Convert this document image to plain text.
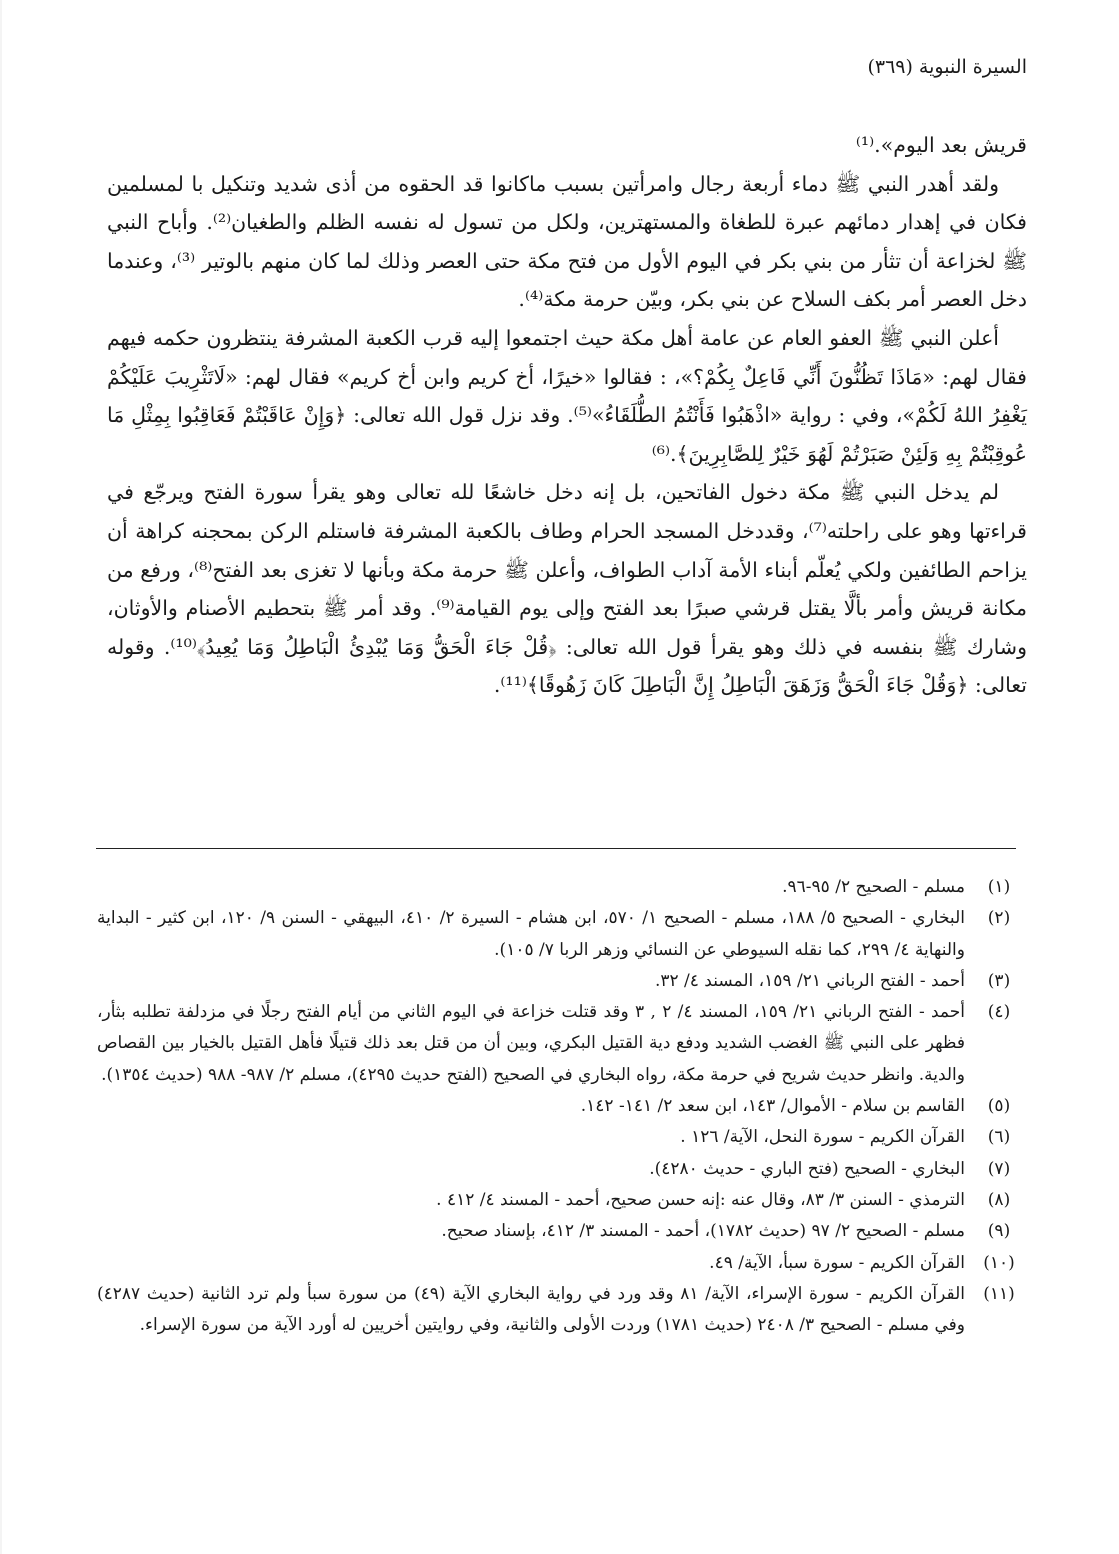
السيرة النبوية (٣٦٩)

قريش بعد اليوم».⁽¹⁾

ولقد أهدر النبي ﷺ دماء أربعة رجال وامرأتين بسبب ماكانوا قد الحقوه من أذى شديد وتنكيل با لمسلمين فكان في إهدار دمائهم عبرة للطغاة والمستهترين، ولكل من تسول له نفسه الظلم والطغيان⁽²⁾. وأباح النبي ﷺ لخزاعة أن تثأر من بني بكر في اليوم الأول من فتح مكة حتى العصر وذلك لما كان منهم بالوتير ⁽³⁾، وعندما دخل العصر أمر بكف السلاح عن بني بكر، وبيّن حرمة مكة⁽⁴⁾.

أعلن النبي ﷺ العفو العام عن عامة أهل مكة حيث اجتمعوا إليه قرب الكعبة المشرفة ينتظرون حكمه فيهم فقال لهم: «مَاذَا تَظُنُّونَ أَنِّي فَاعِلٌ بِكُمْ؟»، : فقالوا «خيرًا، أخ كريم وابن أخ كريم» فقال لهم: «لَاتَثْرِيبَ عَلَيْكُمْ يَغْفِرُ اللهُ لَكُمْ»، وفي : رواية «اذْهَبُوا فَأَنْتُمُ الطُّلَقَاءُ»⁽⁵⁾. وقد نزل قول الله تعالى: ﴿وَإِنْ عَاقَبْتُمْ فَعَاقِبُوا بِمِثْلِ مَا عُوقِبْتُمْ بِهِ وَلَئِنْ صَبَرْتُمْ لَهُوَ خَيْرٌ لِلصَّابِرِينَ﴾.⁽⁶⁾

لم يدخل النبي ﷺ مكة دخول الفاتحين، بل إنه دخل خاشعًا لله تعالى وهو يقرأ سورة الفتح ويرجّع في قراءتها وهو على راحلته⁽⁷⁾، وقددخل المسجد الحرام وطاف بالكعبة المشرفة فاستلم الركن بمحجنه كراهة أن يزاحم الطائفين ولكي يُعلّم أبناء الأمة آداب الطواف، وأعلن ﷺ حرمة مكة وبأنها لا تغزى بعد الفتح⁽⁸⁾، ورفع من مكانة قريش وأمر بألَّا يقتل قرشي صبرًا بعد الفتح وإلى يوم القيامة⁽⁹⁾. وقد أمر ﷺ بتحطيم الأصنام والأوثان، وشارك ﷺ بنفسه في ذلك وهو يقرأ قول الله تعالى: ﴿قُلْ جَاءَ الْحَقُّ وَمَا يُبْدِئُ الْبَاطِلُ وَمَا يُعِيدُ﴾⁽¹⁰⁾. وقوله تعالى: ﴿وَقُلْ جَاءَ الْحَقُّ وَزَهَقَ الْبَاطِلُ إِنَّ الْبَاطِلَ كَانَ زَهُوقًا﴾⁽¹¹⁾.

(١)
مسلم - الصحيح ٢/ ٩٥-٩٦.
(٢)
البخاري - الصحيح ٥/ ١٨٨، مسلم - الصحيح ١/ ٥٧٠، ابن هشام - السيرة ٢/ ٤١٠، البيهقي - السنن ٩/ ١٢٠، ابن كثير - البداية والنهاية ٤/ ٢٩٩، كما نقله السيوطي عن النسائي وزهر الربا ٧/ ١٠٥).
(٣)
أحمد - الفتح الرباني ٢١/ ١٥٩، المسند ٤/ ٣٢.
(٤)
أحمد - الفتح الرباني ٢١/ ١٥٩، المسند ٤/ ٢ , ٣ وقد قتلت خزاعة في اليوم الثاني من أيام الفتح رجلًا في مزدلفة تطلبه بثأر، فظهر على النبي ﷺ الغضب الشديد ودفع دية القتيل البكري، وبين أن من قتل بعد ذلك قتيلًا فأهل القتيل بالخيار بين القصاص والدية. وانظر حديث شريح في حرمة مكة، رواه البخاري في الصحيح (الفتح حديث ٤٢٩٥)، مسلم ٢/ ٩٨٧- ٩٨٨ (حديث ١٣٥٤).
(٥)
القاسم بن سلام - الأموال/ ١٤٣، ابن سعد ٢/ ١٤١- ١٤٢.
(٦)
القرآن الكريم - سورة النحل، الآية/ ١٢٦ .
(٧)
البخاري - الصحيح (فتح الباري - حديث ٤٢٨٠).
(٨)
الترمذي - السنن ٣/ ٨٣، وقال عنه :إنه حسن صحيح، أحمد - المسند ٤/ ٤١٢ .
(٩)
مسلم - الصحيح ٢/ ٩٧ (حديث ١٧٨٢)، أحمد - المسند ٣/ ٤١٢، بإسناد صحيح.
(١٠)
القرآن الكريم - سورة سبأ، الآية/ ٤٩.
(١١)
القرآن الكريم - سورة الإسراء، الآية/ ٨١ وقد ورد في رواية البخاري الآية (٤٩) من سورة سبأ ولم ترد الثانية (حديث ٤٢٨٧) وفي مسلم - الصحيح ٣/ ٢٤٠٨ (حديث ١٧٨١) وردت الأولى والثانية، وفي روايتين أخريين له أورد الآية من سورة الإسراء.
